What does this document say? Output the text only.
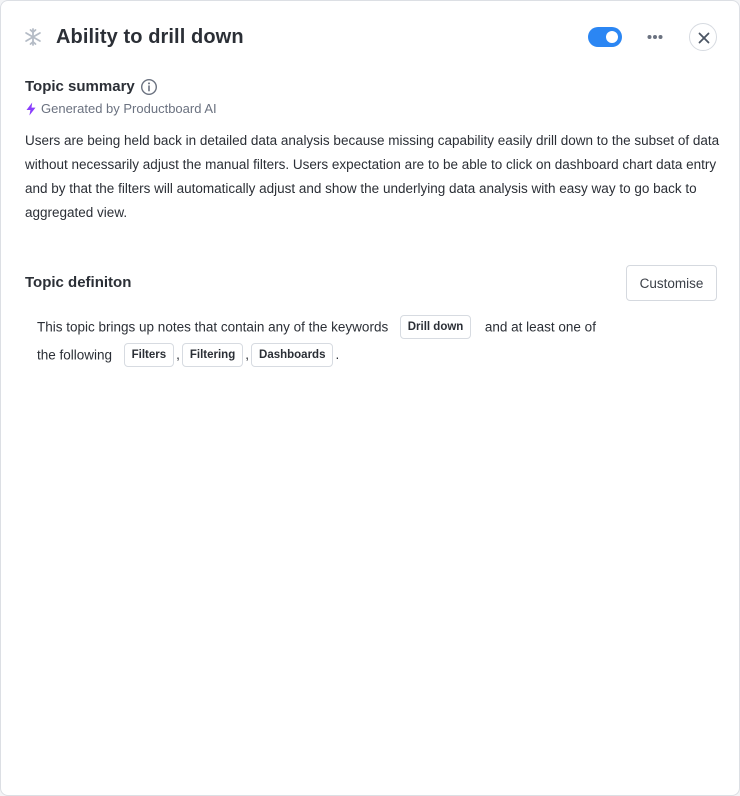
Ability to drill down
Topic summary
Generated by Productboard AI

Users are being held back in detailed data analysis because missing capability easily drill down to the subset of data without necessarily adjust the manual filters. Users expectation are to be able to click on dashboard chart data entry and by that the filters will automatically adjust and show the underlying data analysis with easy way to go back to aggregated view.

Topic definiton	Customise
This topic brings up notes that contain any of the keywords Drill down and at least one of
the following Filters , Filtering , Dashboards .
